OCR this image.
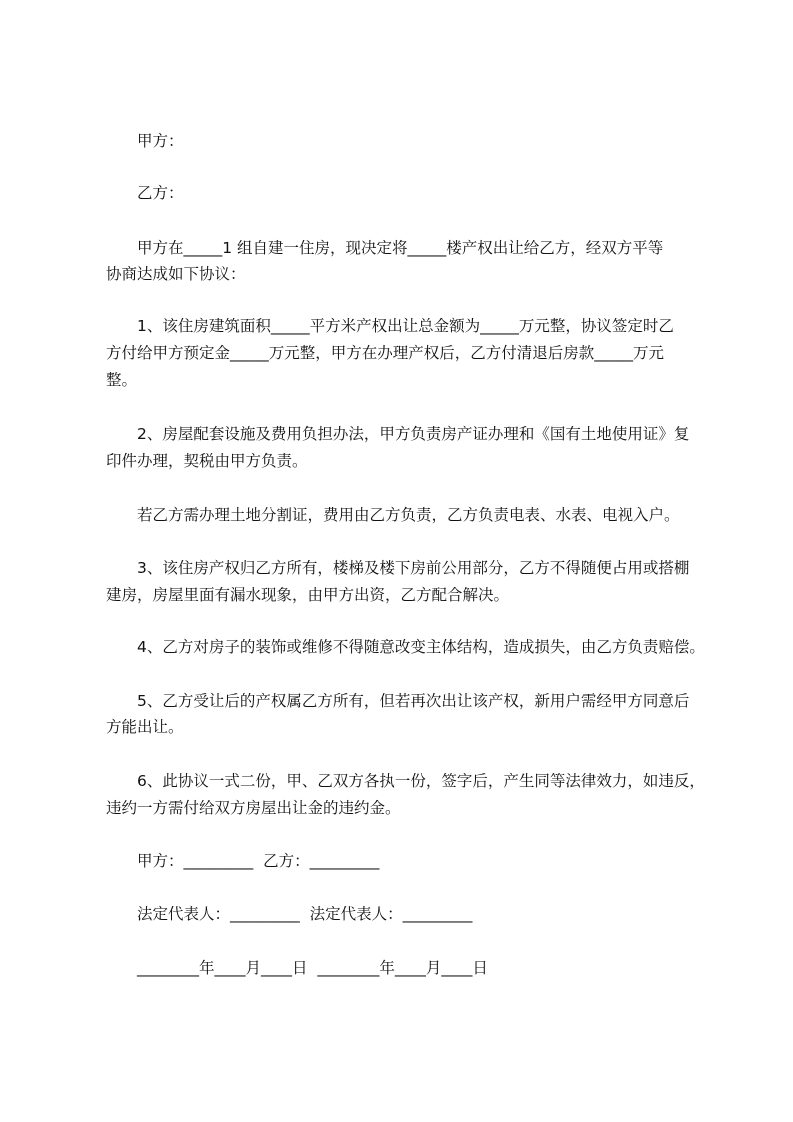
甲方：
乙方：
甲方在_____1 组自建一住房，现决定将_____楼产权出让给乙方，经双方平等
协商达成如下协议：
1、该住房建筑面积_____平方米产权出让总金额为_____万元整，协议签定时乙
方付给甲方预定金_____万元整，甲方在办理产权后，乙方付清退后房款_____万元
整。
2、房屋配套设施及费用负担办法，甲方负责房产证办理和《国有土地使用证》复
印件办理，契税由甲方负责。
若乙方需办理土地分割证，费用由乙方负责，乙方负责电表、水表、电视入户。
3、该住房产权归乙方所有，楼梯及楼下房前公用部分，乙方不得随便占用或搭棚
建房，房屋里面有漏水现象，由甲方出资，乙方配合解决。
4、乙方对房子的装饰或维修不得随意改变主体结构，造成损失，由乙方负责赔偿。
5、乙方受让后的产权属乙方所有，但若再次出让该产权，新用户需经甲方同意后
方能出让。
6、此协议一式二份，甲、乙双方各执一份，签字后，产生同等法律效力，如违反，
违约一方需付给双方房屋出让金的违约金。
甲方：_________  乙方：_________
法定代表人：_________  法定代表人：_________
________年____月____日  ________年____月____日
